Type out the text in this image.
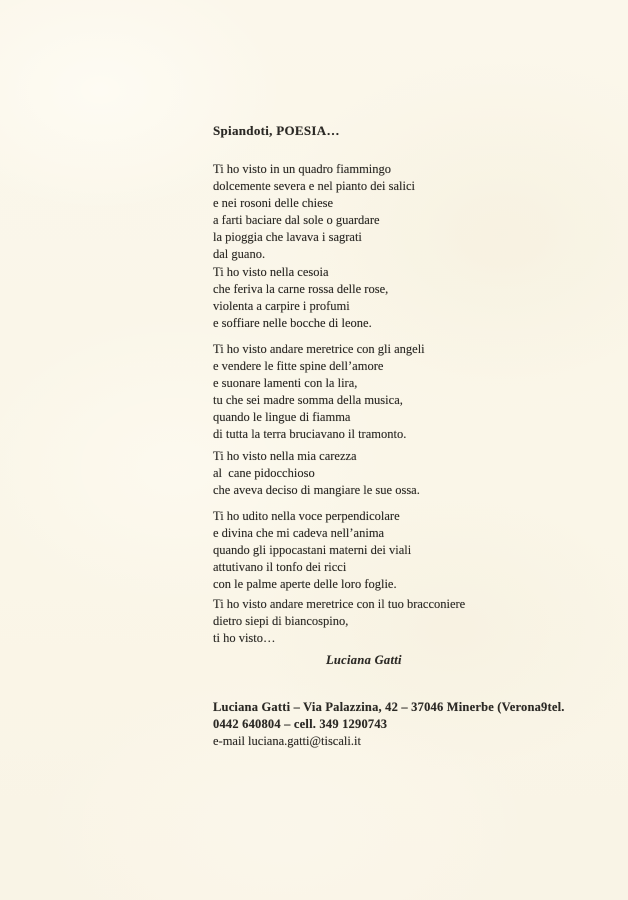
Spiandoti, POESIA…

Ti ho visto in un quadro fiammingo
dolcemente severa e nel pianto dei salici
e nei rosoni delle chiese
a farti baciare dal sole o guardare
la pioggia che lavava i sagrati
dal guano.

Ti ho visto nella cesoia
che feriva la carne rossa delle rose,
violenta a carpire i profumi
e soffiare nelle bocche di leone.

Ti ho visto andare meretrice con gli angeli
e vendere le fitte spine dell’amore
e suonare lamenti con la lira,
tu che sei madre somma della musica,
quando le lingue di fiamma
di tutta la terra bruciavano il tramonto.

Ti ho visto nella mia carezza
al  cane pidocchioso
che aveva deciso di mangiare le sue ossa.

Ti ho udito nella voce perpendicolare
e divina che mi cadeva nell’anima
quando gli ippocastani materni dei viali
attutivano il tonfo dei ricci
con le palme aperte delle loro foglie.

Ti ho visto andare meretrice con il tuo bracconiere
dietro siepi di biancospino,
ti ho visto…

Luciana Gatti
Luciana Gatti – Via Palazzina, 42 – 37046 Minerbe (Verona9tel.
0442 640804 – cell. 349 1290743
e-mail luciana.gatti@tiscali.it
